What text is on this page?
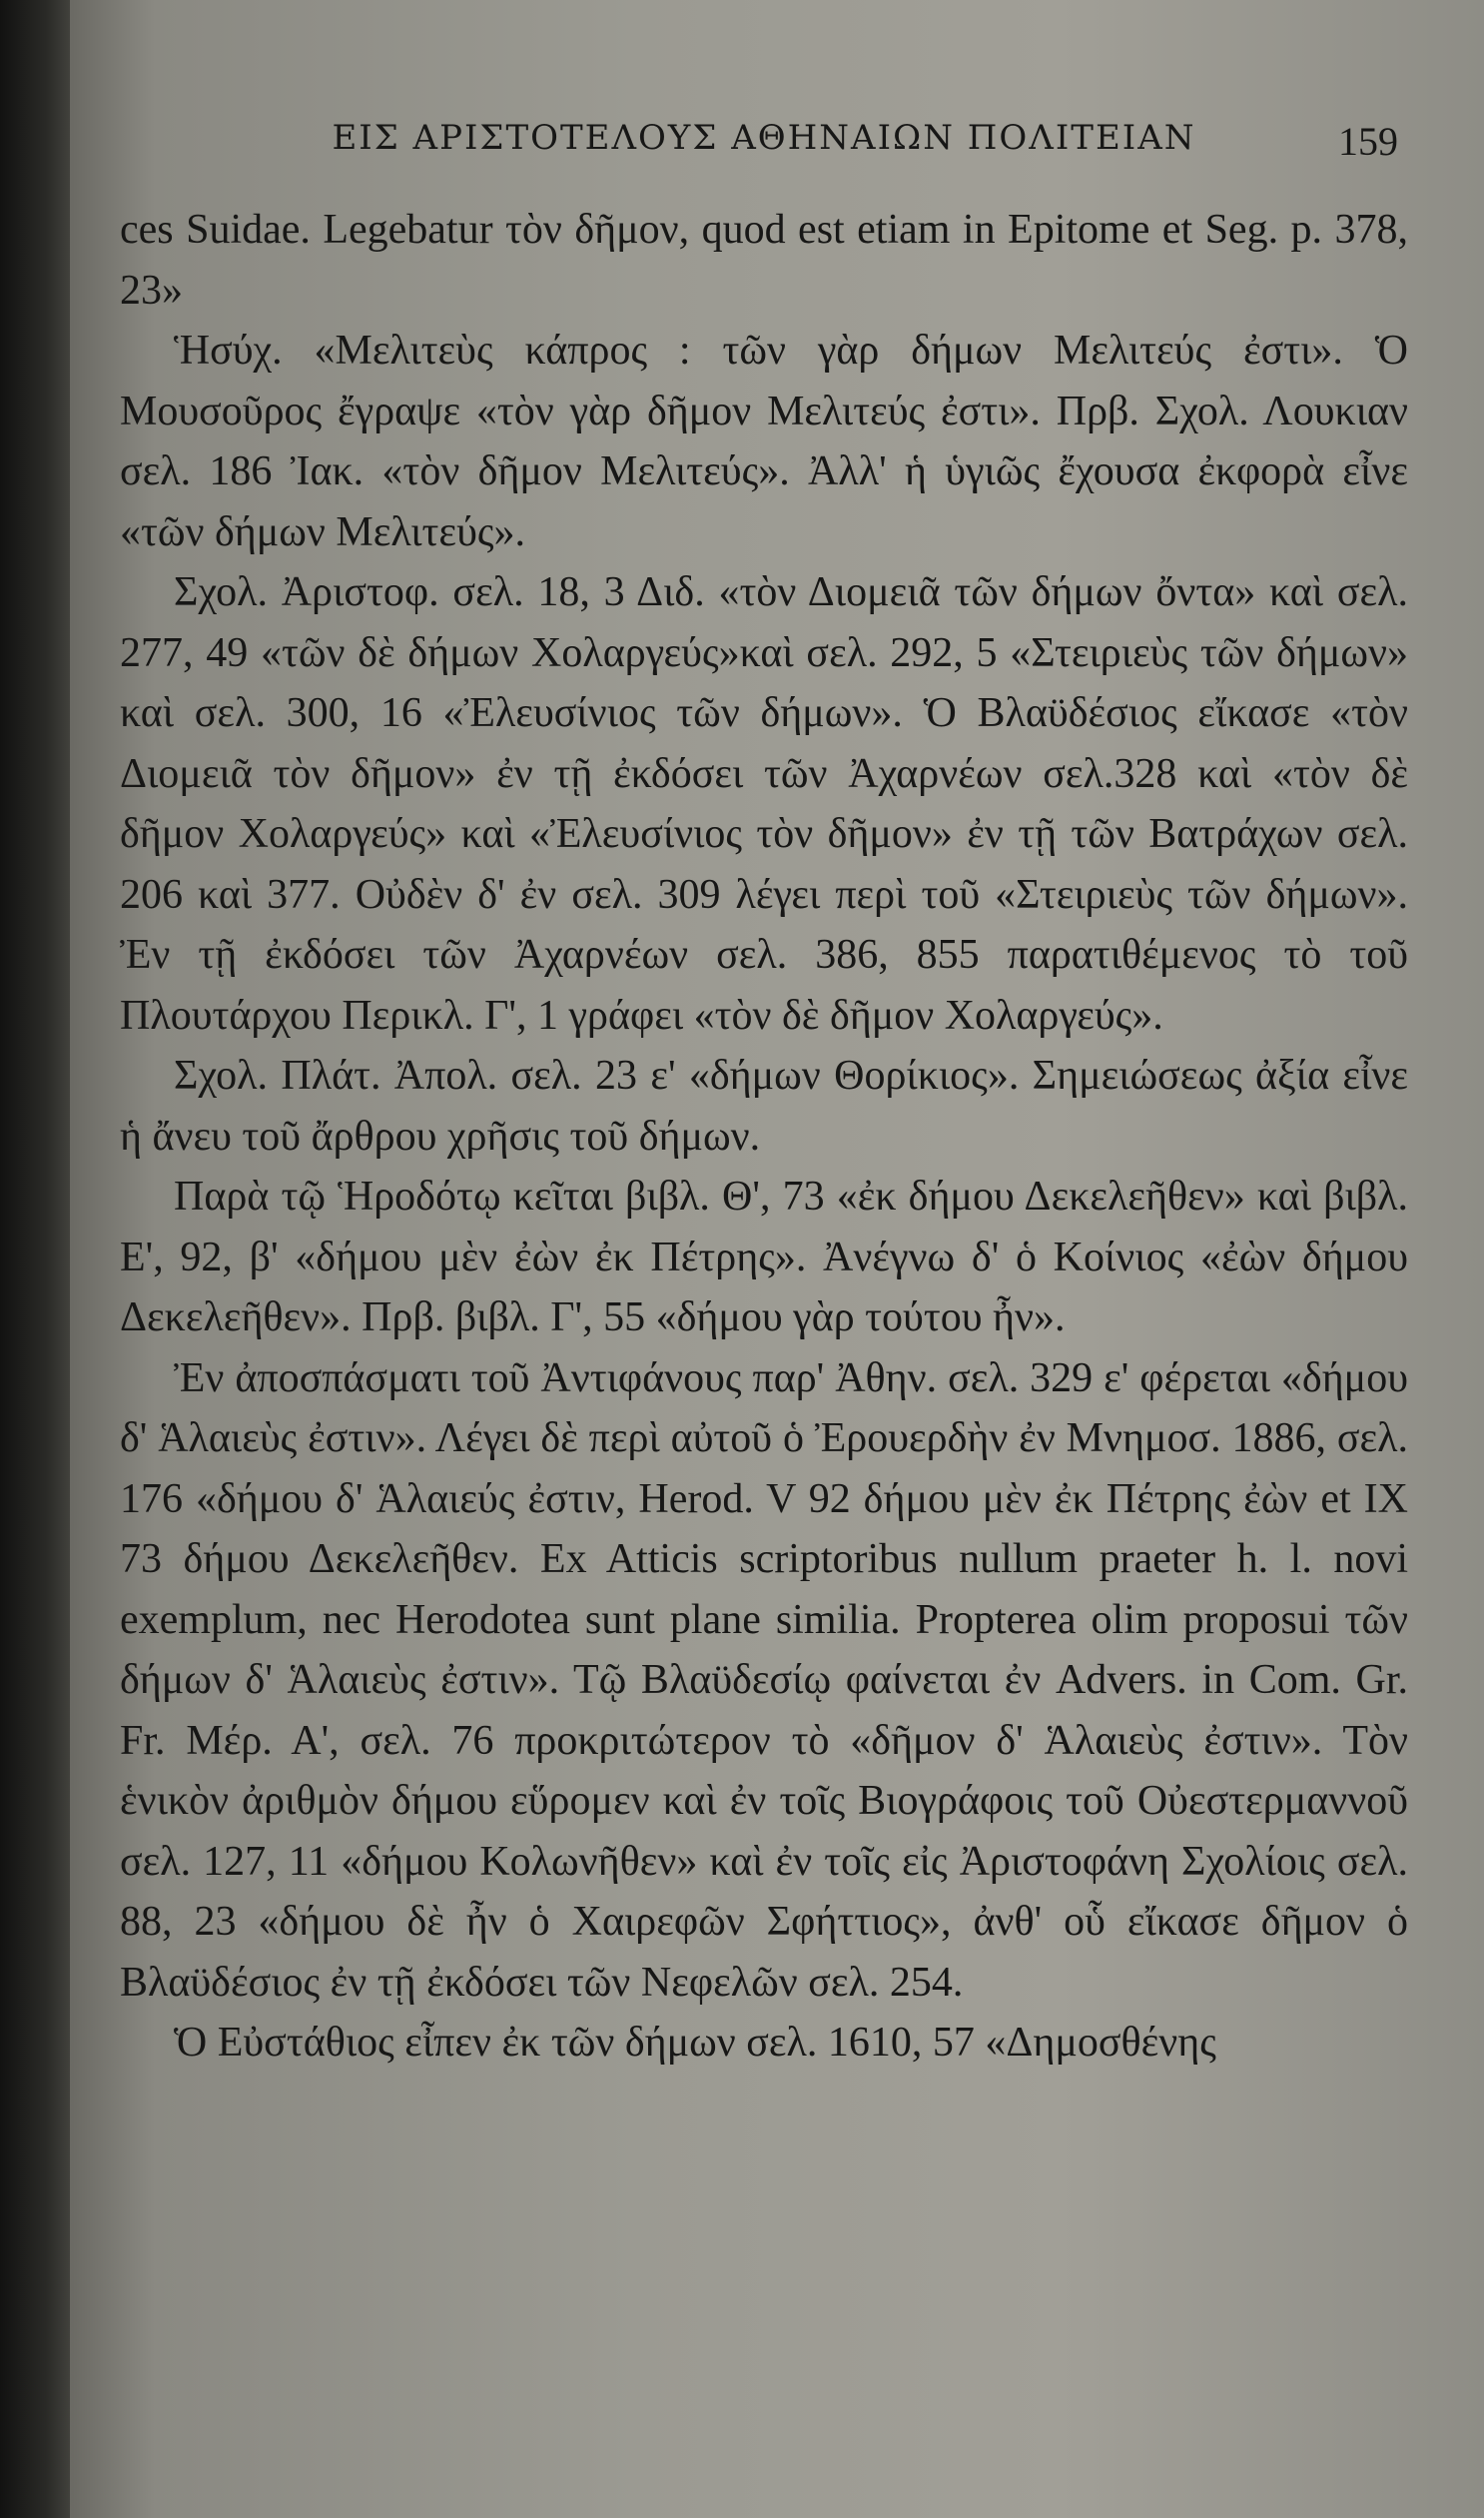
ΕΙΣ ΑΡΙΣΤΟΤΕΛΟΥΣ ΑΘΗΝΑΙΩΝ ΠΟΛΙΤΕΙΑΝ	159

ces Suidae. Legebatur τὸν δῆμον, quod est etiam in Epitome et Seg. p. 378, 23»

Ἡσύχ. «Μελιτεὺς κάπρος : τῶν γὰρ δήμων Μελιτεύς ἐστι». Ὁ Μουσοῦρος ἔγραψε «τὸν γὰρ δῆμον Μελιτεύς ἐστι». Πρβ. Σχολ. Λουκιαν σελ. 186 Ἰακ. «τὸν δῆμον Μελιτεύς». Ἀλλ' ἡ ὑγιῶς ἔχουσα ἐκφορὰ εἶνε «τῶν δήμων Μελιτεύς».

Σχολ. Ἀριστοφ. σελ. 18, 3 Διδ. «τὸν Διομειᾶ τῶν δήμων ὄντα» καὶ σελ. 277, 49 «τῶν δὲ δήμων Χολαργεύς»καὶ σελ. 292, 5 «Στειριεὺς τῶν δήμων» καὶ σελ. 300, 16 «Ἐλευσίνιος τῶν δήμων». Ὁ Βλαϋδέσιος εἴκασε «τὸν Διομειᾶ τὸν δῆμον» ἐν τῇ ἐκδόσει τῶν Ἀχαρνέων σελ.328 καὶ «τὸν δὲ δῆμον Χολαργεύς» καὶ «Ἐλευσίνιος τὸν δῆμον» ἐν τῇ τῶν Βατράχων σελ. 206 καὶ 377. Οὐδὲν δ' ἐν σελ. 309 λέγει περὶ τοῦ «Στειριεὺς τῶν δήμων». Ἐν τῇ ἐκδόσει τῶν Ἀχαρνέων σελ. 386, 855 παρατιθέμενος τὸ τοῦ Πλουτάρχου Περικλ. Γ', 1 γράφει «τὸν δὲ δῆμον Χολαργεύς».

Σχολ. Πλάτ. Ἀπολ. σελ. 23 ε' «δήμων Θορίκιος». Σημειώσεως ἀξία εἶνε ἡ ἄνευ τοῦ ἄρθρου χρῆσις τοῦ δήμων.

Παρὰ τῷ Ἡροδότῳ κεῖται βιβλ. Θ', 73 «ἐκ δήμου Δεκελεῆθεν» καὶ βιβλ. Ε', 92, β' «δήμου μὲν ἐὼν ἐκ Πέτρης». Ἀνέγνω δ' ὁ Κοίνιος «ἐὼν δήμου Δεκελεῆθεν». Πρβ. βιβλ. Γ', 55 «δήμου γὰρ τούτου ἦν».

Ἐν ἀποσπάσματι τοῦ Ἀντιφάνους παρ' Ἀθην. σελ. 329 ε' φέρεται «δήμου δ' Ἁλαιεὺς ἐστιν». Λέγει δὲ περὶ αὐτοῦ ὁ Ἐρουερδὴν ἐν Μνημοσ. 1886, σελ. 176 «δήμου δ' Ἁλαιεύς ἐστιν, Herod. V 92 δήμου μὲν ἐκ Πέτρης ἐὼν et IX 73 δήμου Δεκελεῆθεν. Ex Atticis scriptoribus nullum praeter h. l. novi exemplum, nec Herodotea sunt plane similia. Propterea olim proposui τῶν δήμων δ' Ἁλαιεὺς ἐστιν». Τῷ Βλαϋδεσίῳ φαίνεται ἐν Advers. in Com. Gr. Fr. Μέρ. Α', σελ. 76 προκριτώτερον τὸ «δῆμον δ' Ἁλαιεὺς ἐστιν». Τὸν ἑνικὸν ἀριθμὸν δήμου εὕρομεν καὶ ἐν τοῖς Βιογράφοις τοῦ Οὐεστερμαννοῦ σελ. 127, 11 «δήμου Κολωνῆθεν» καὶ ἐν τοῖς εἰς Ἀριστοφάνη Σχολίοις σελ. 88, 23 «δήμου δὲ ἦν ὁ Χαιρεφῶν Σφήττιος», ἀνθ' οὗ εἴκασε δῆμον ὁ Βλαϋδέσιος ἐν τῇ ἐκδόσει τῶν Νεφελῶν σελ. 254.

Ὁ Εὐστάθιος εἶπεν ἐκ τῶν δήμων σελ. 1610, 57 «Δημοσθένης
